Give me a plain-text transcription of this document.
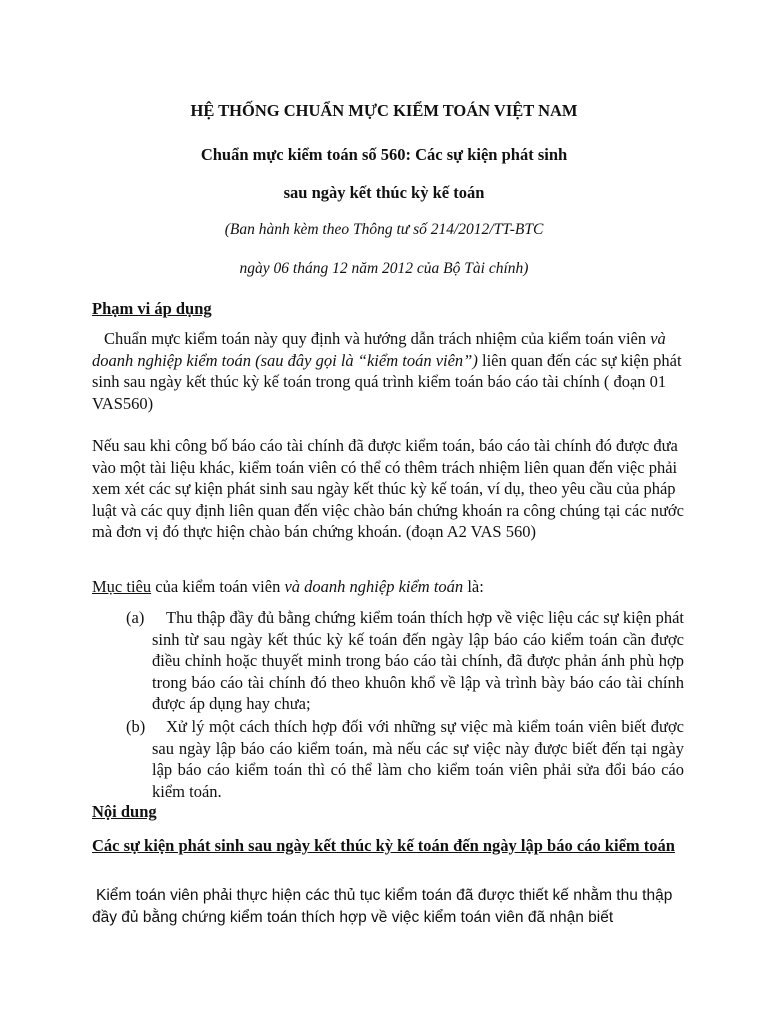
HỆ THỐNG CHUẨN MỰC KIỂM TOÁN VIỆT NAM
Chuẩn mực kiểm toán số 560: Các sự kiện phát sinh
sau ngày kết thúc kỳ kế toán
(Ban hành kèm theo Thông tư số 214/2012/TT-BTC
ngày 06 tháng 12 năm 2012 của Bộ Tài chính)
Phạm vi áp dụng

Chuẩn mực kiểm toán này quy định và hướng dẫn trách nhiệm của kiểm toán viên và doanh nghiệp kiểm toán (sau đây gọi là “kiểm toán viên”) liên quan đến các sự kiện phát sinh sau ngày kết thúc kỳ kế toán trong quá trình kiểm toán báo cáo tài chính ( đoạn 01 VAS560)

Nếu sau khi công bố báo cáo tài chính đã được kiểm toán, báo cáo tài chính đó được đưa vào một tài liệu khác, kiểm toán viên có thể có thêm trách nhiệm liên quan đến việc phải xem xét các sự kiện phát sinh sau ngày kết thúc kỳ kế toán, ví dụ, theo yêu cầu của pháp luật và các quy định liên quan đến việc chào bán chứng khoán ra công chúng tại các nước mà đơn vị đó thực hiện chào bán chứng khoán. (đoạn A2 VAS 560)

Mục tiêu của kiểm toán viên và doanh nghiệp kiểm toán là:

(a)	Thu thập đầy đủ bằng chứng kiểm toán thích hợp về việc liệu các sự kiện phát sinh từ sau ngày kết thúc kỳ kế toán đến ngày lập báo cáo kiểm toán cần được điều chỉnh hoặc thuyết minh trong báo cáo tài chính, đã được phản ánh phù hợp trong báo cáo tài chính đó theo khuôn khổ về lập và trình bày báo cáo tài chính được áp dụng hay chưa;
(b)	Xử lý một cách thích hợp đối với những sự việc mà kiểm toán viên biết được sau ngày lập báo cáo kiểm toán, mà nếu các sự việc này được biết đến tại ngày lập báo cáo kiểm toán thì có thể làm cho kiểm toán viên phải sửa đổi báo cáo kiểm toán.
Nội dung
Các sự kiện phát sinh sau ngày kết thúc kỳ kế toán đến ngày lập báo cáo kiểm toán

Kiểm toán viên phải thực hiện các thủ tục kiểm toán đã được thiết kế nhằm thu thập đầy đủ bằng chứng kiểm toán thích hợp về việc kiểm toán viên đã nhận biết
